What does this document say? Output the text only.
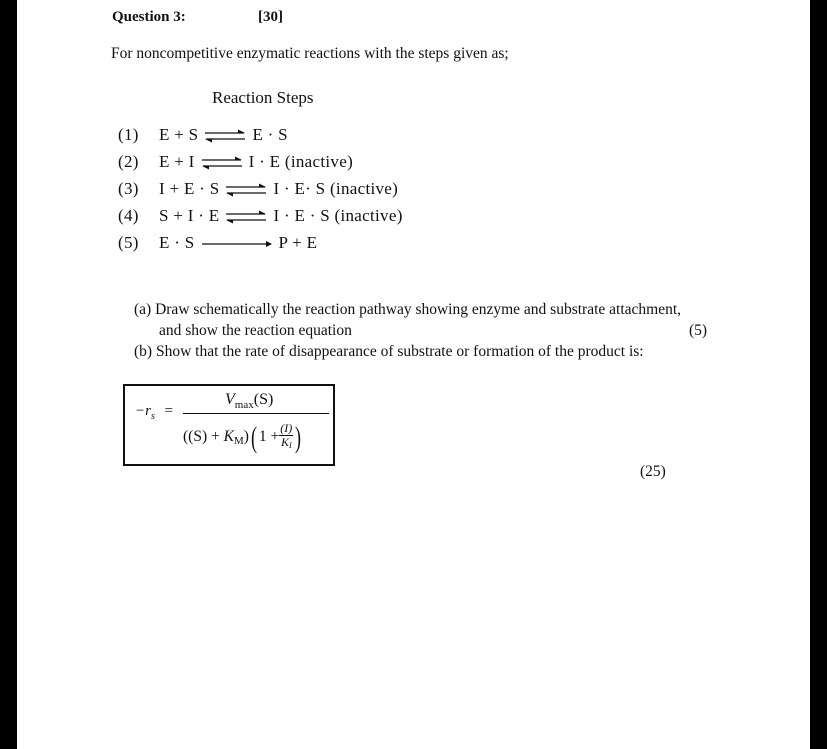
Question 3:	[30]
For noncompetitive enzymatic reactions with the steps given as;
Reaction Steps
(1) E + S ⇌ E · S
(2) E + I ⇌ I · E (inactive)
(3) I + E · S ⇌ I · E· S (inactive)
(4) S + I · E ⇌ I · E · S (inactive)
(5) E · S	P + E
(a) Draw schematically the reaction pathway showing enzyme and substrate attachment,
and show the reaction equation	(5)
(b) Show that the rate of disappearance of substrate or formation of the product is:
$-r_s$ =
$V_{max}(S)$
$((S) + K_M)$( $1 + \frac{(I)}{K_I}$ )
(25)
